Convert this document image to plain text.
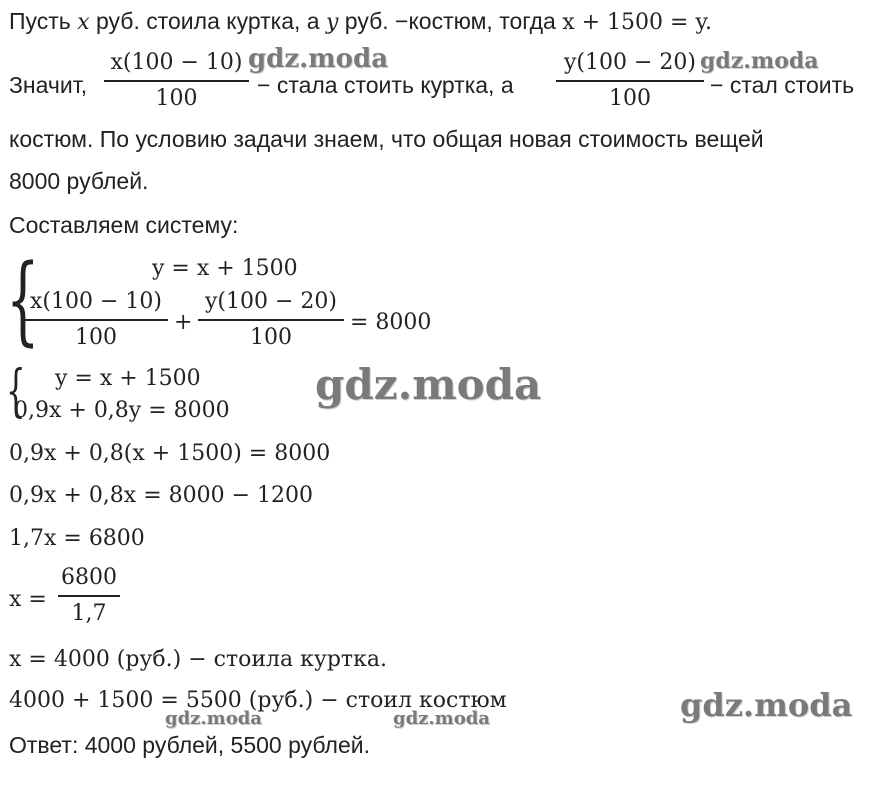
Пусть x руб. стоила куртка, а y руб. −костюм, тогда x + 1500 = y.
Значит,
x(100 − 10)
100
− стала стоить куртка, а
y(100 − 20)
100
− стал стоить
костюм. По условию задачи знаем, что общая новая стоимость вещей
8000 рублей.
Составляем систему:
{	y = x + 1500
x(100 − 10)
100
+
y(100 − 20)
100
= 8000
{ y = x + 1500
0,9x + 0,8y = 8000
0,9x + 0,8(x + 1500) = 8000
0,9x + 0,8x = 8000 − 1200
1,7x = 6800
x =
6800
1,7
x = 4000 (руб.) − стоила куртка.
4000 + 1500 = 5500 (руб.) − стоил костюм
Ответ: 4000 рублей, 5500 рублей.
gdz.moda	gdz.moda
gdz.moda
gdz.moda
gdz.moda	gdz.moda
